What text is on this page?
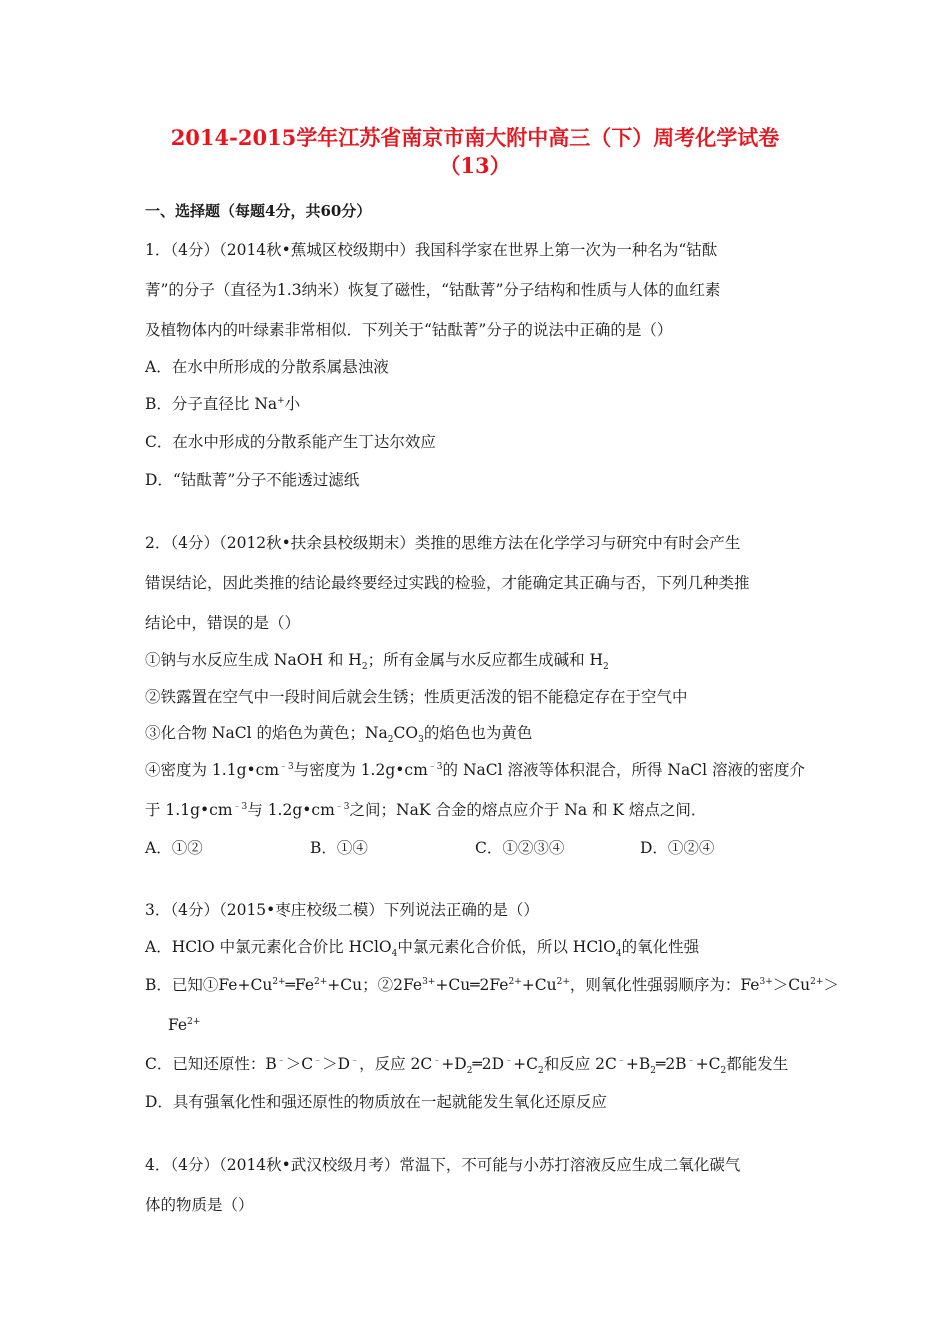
2014-2015学年江苏省南京市南大附中高三（下）周考化学试卷
（13）
一、选择题（每题4分，共60分）
1．（4分）（2014秋•蕉城区校级期中）我国科学家在世界上第一次为一种名为“钴酞
菁”的分子（直径为1.3纳米）恢复了磁性，“钴酞菁”分子结构和性质与人体的血红素
及植物体内的叶绿素非常相似．下列关于“钴酞菁”分子的说法中正确的是（）
A．在水中所形成的分散系属悬浊液
B．分子直径比 Na+小
C．在水中形成的分散系能产生丁达尔效应
D．“钴酞菁”分子不能透过滤纸
2．（4分）（2012秋•扶余县校级期末）类推的思维方法在化学学习与研究中有时会产生
错误结论，因此类推的结论最终要经过实践的检验，才能确定其正确与否，下列几种类推
结论中，错误的是（）
①钠与水反应生成 NaOH 和 $H_2$；所有金属与水反应都生成碱和 $H_2$
②铁露置在空气中一段时间后就会生锈；性质更活泼的铝不能稳定存在于空气中
③化合物 NaCl 的焰色为黄色；$Na_2CO_3$的焰色也为黄色
④密度为 $1.1g•cm^{﹣3}$与密度为 $1.2g•cm^{﹣3}$的 NaCl 溶液等体积混合，所得 NaCl 溶液的密度介
于 $1.1g•cm^{﹣3}$与 $1.2g•cm^{﹣3}$之间；NaK 合金的熔点应介于 Na 和 K 熔点之间．
A．①②	B．①④	C．①②③④	D．①②④
3．（4分）（2015•枣庄校级二模）下列说法正确的是（）
A．HClO 中氯元素化合价比 HClO$_4$中氯元素化合价低，所以 HClO$_4$的氧化性强
B．已知$①Fe+Cu^{2+}═Fe^{2+}+Cu$；$②2Fe^{3+}+Cu═2Fe^{2+}+Cu^{2+}$，则氧化性强弱顺序为：$Fe^{3+}>Cu^{2+}>$
$Fe^{2+}$
C．已知还原性：B﹣＞C﹣＞D﹣，反应 $2C^﹣+D_2═2D^﹣+C_2$和反应 $2C^﹣+B_2═2B^﹣+C_2$都能发生
D．具有强氧化性和强还原性的物质放在一起就能发生氧化还原反应
4．（4分）（2014秋•武汉校级月考）常温下，不可能与小苏打溶液反应生成二氧化碳气
体的物质是（）
